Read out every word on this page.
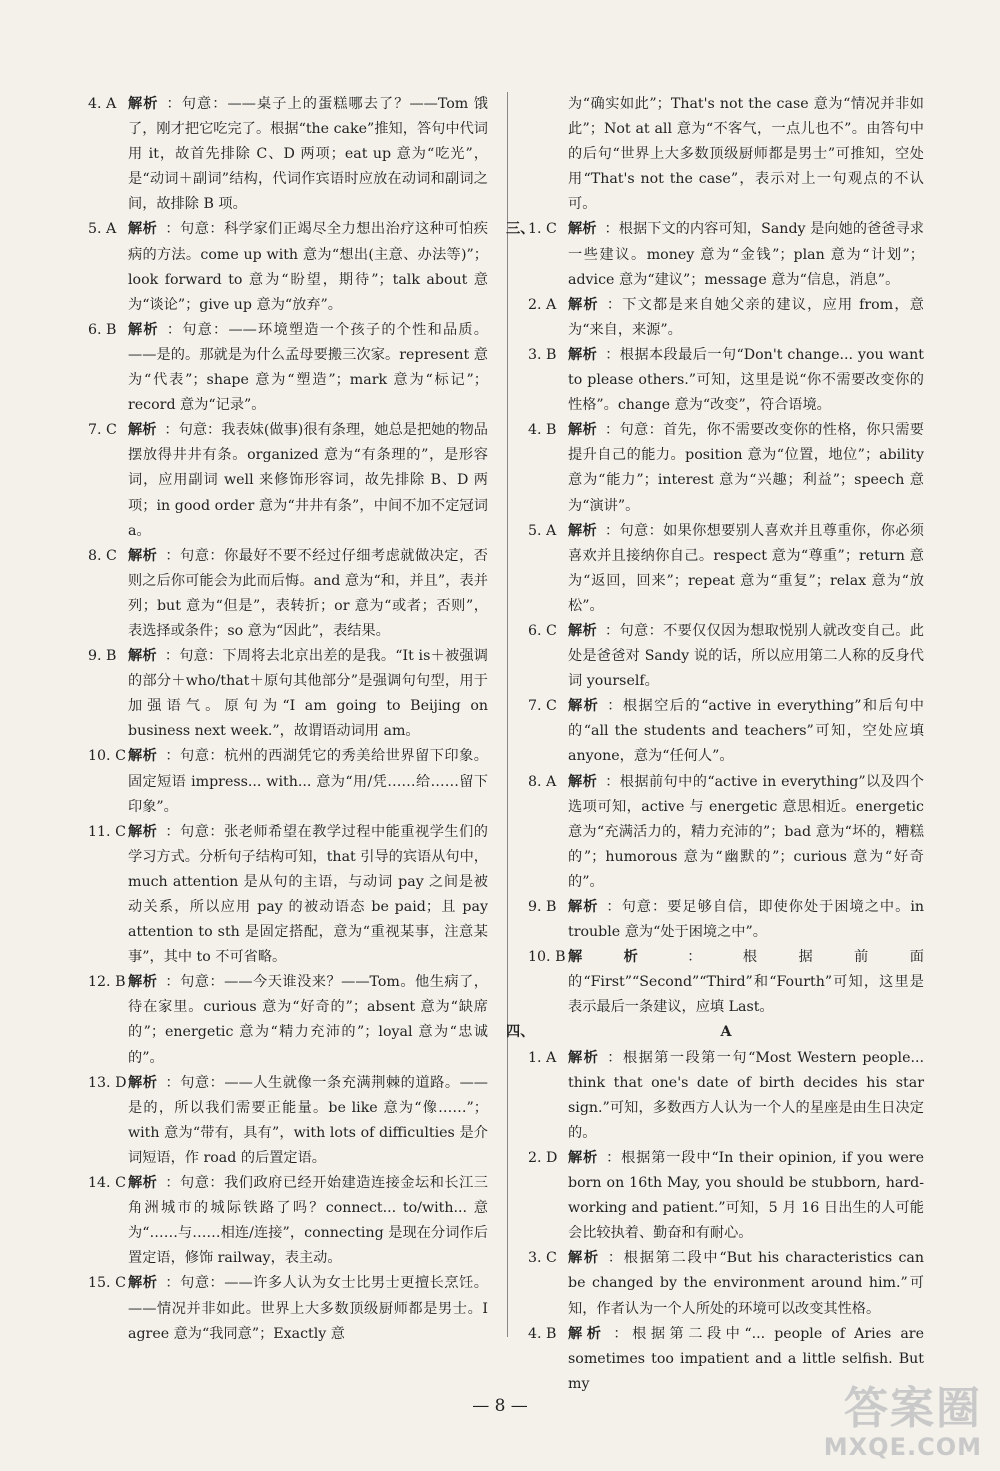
4. A 解析 ：句意：——桌子上的蛋糕哪去了？——Tom 饿了，刚才把它吃完了。根据“the cake”推知，答句中代词用 it，故首先排除 C、D 两项；eat up 意为“吃光”，是“动词＋副词”结构，代词作宾语时应放在动词和副词之间，故排除 B 项。
5. A 解析 ：句意：科学家们正竭尽全力想出治疗这种可怕疾病的方法。come up with 意为“想出(主意、办法等)”；look forward to 意为“盼望，期待”；talk about 意为“谈论”；give up 意为“放弃”。
6. B 解析 ：句意：——环境塑造一个孩子的个性和品质。——是的。那就是为什么孟母要搬三次家。represent 意为“代表”；shape 意为“塑造”；mark 意为“标记”；record 意为“记录”。
7. C 解析 ：句意：我表妹(做事)很有条理，她总是把她的物品摆放得井井有条。organized 意为“有条理的”，是形容词，应用副词 well 来修饰形容词，故先排除 B、D 两项；in good order 意为“井井有条”，中间不加不定冠词 a。
8. C 解析 ：句意：你最好不要不经过仔细考虑就做决定，否则之后你可能会为此而后悔。and 意为“和，并且”，表并列；but 意为“但是”，表转折；or 意为“或者；否则”，表选择或条件；so 意为“因此”，表结果。
9. B 解析 ：句意：下周将去北京出差的是我。“It is＋被强调的部分＋who/that＋原句其他部分”是强调句句型，用于加强语气。原句为“I am going to Beijing on business next week.”，故谓语动词用 am。
10. C 解析 ：句意：杭州的西湖凭它的秀美给世界留下印象。固定短语 impress... with... 意为“用/凭……给……留下印象”。
11. C 解析 ：句意：张老师希望在教学过程中能重视学生们的学习方式。分析句子结构可知，that 引导的宾语从句中，much attention 是从句的主语，与动词 pay 之间是被动关系，所以应用 pay 的被动语态 be paid；且 pay attention to sth 是固定搭配，意为“重视某事，注意某事”，其中 to 不可省略。
12. B 解析 ：句意：——今天谁没来？——Tom。他生病了，待在家里。curious 意为“好奇的”；absent 意为“缺席的”；energetic 意为“精力充沛的”；loyal 意为“忠诚的”。
13. D 解析 ：句意：——人生就像一条充满荆棘的道路。——是的，所以我们需要正能量。be like 意为“像……”；with 意为“带有，具有”，with lots of difficulties 是介词短语，作 road 的后置定语。
14. C 解析 ：句意：我们政府已经开始建造连接金坛和长江三角洲城市的城际铁路了吗？connect... to/with... 意为“……与……相连/连接”，connecting 是现在分词作后置定语，修饰 railway，表主动。
15. C 解析 ：句意：——许多人认为女士比男士更擅长烹饪。——情况并非如此。世界上大多数顶级厨师都是男士。I agree 意为“我同意”；Exactly 意
为“确实如此”；That's not the case 意为“情况并非如此”；Not at all 意为“不客气，一点儿也不”。由答句中的后句“世界上大多数顶级厨师都是男士”可推知，空处用“That's not the case”，表示对上一句观点的不认可。
三、
1. C 解析 ：根据下文的内容可知，Sandy 是向她的爸爸寻求一些建议。money 意为“金钱”；plan 意为“计划”；advice 意为“建议”；message 意为“信息，消息”。
2. A 解析 ：下文都是来自她父亲的建议，应用 from，意为“来自，来源”。
3. B 解析 ：根据本段最后一句“Don't change... you want to please others.”可知，这里是说“你不需要改变你的性格”。change 意为“改变”，符合语境。
4. B 解析 ：句意：首先，你不需要改变你的性格，你只需要提升自己的能力。position 意为“位置，地位”；ability 意为“能力”；interest 意为“兴趣；利益”；speech 意为“演讲”。
5. A 解析 ：句意：如果你想要别人喜欢并且尊重你，你必须喜欢并且接纳你自己。respect 意为“尊重”；return 意为“返回，回来”；repeat 意为“重复”；relax 意为“放松”。
6. C 解析 ：句意：不要仅仅因为想取悦别人就改变自己。此处是爸爸对 Sandy 说的话，所以应用第二人称的反身代词 yourself。
7. C 解析 ：根据空后的“active in everything”和后句中的“all the students and teachers”可知，空处应填 anyone，意为“任何人”。
8. A 解析 ：根据前句中的“active in everything”以及四个选项可知，active 与 energetic 意思相近。energetic 意为“充满活力的，精力充沛的”；bad 意为“坏的，糟糕的”；humorous 意为“幽默的”；curious 意为“好奇的”。
9. B 解析 ：句意：要足够自信，即使你处于困境之中。in trouble 意为“处于困境之中”。
10. B 解析 ：根据前面的“First”“Second”“Third”和“Fourth”可知，这里是表示最后一条建议，应填 Last。
四、	A
1. A 解析 ：根据第一段第一句“Most Western people... think that one's date of birth decides his star sign.”可知，多数西方人认为一个人的星座是由生日决定的。
2. D 解析 ：根据第一段中“In their opinion, if you were born on 16th May, you should be stubborn, hard-working and patient.”可知，5 月 16 日出生的人可能会比较执着、勤奋和有耐心。
3. C 解析 ：根据第二段中“But his characteristics can be changed by the environment around him.”可知，作者认为一个人所处的环境可以改变其性格。
4. B 解析 ：根据第二段中“... people of Aries are sometimes too impatient and a little selfish. But my
— 8 —	答案圈
MXQE.COM
